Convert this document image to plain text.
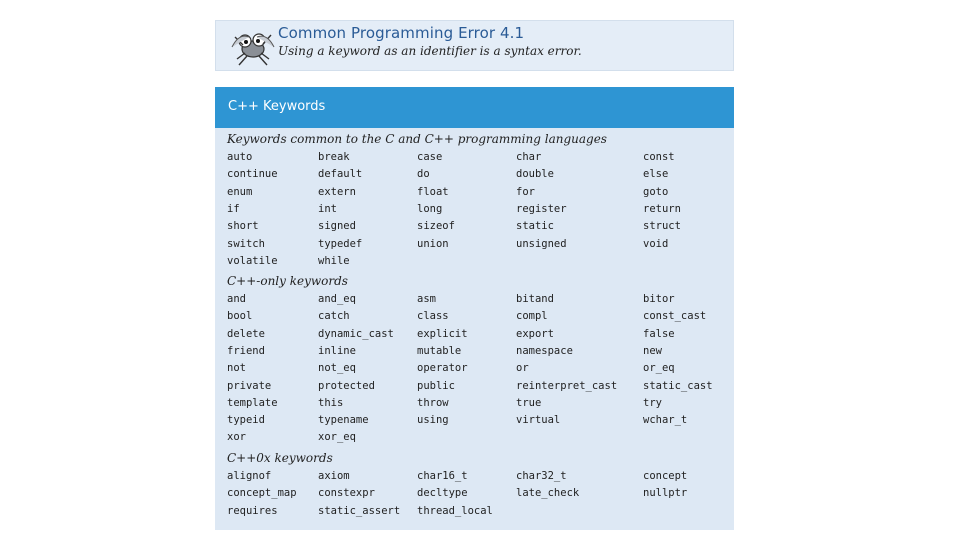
Common Programming Error 4.1
Using a keyword as an identifier is a syntax error.
C++ Keywords
Keywords common to the C and C++ programming languages
C++-only keywords
C++0x keywords
auto	break	case	char	const
continue	default	do	double	else
enum	extern	float	for	goto
if	int	long	register	return
short	signed	sizeof	static	struct
switch	typedef	union	unsigned	void
volatile	while
and	and_eq	asm	bitand	bitor
bool	catch	class	compl	const_cast
delete	dynamic_cast explicit	export	false
friend	inline	mutable	namespace	new
not	not_eq	operator	or	or_eq
private	protected	public	reinterpret_cast static_cast
template	this	throw	true	try
typeid	typename	using	virtual	wchar_t
xor	xor_eq
alignof	axiom	char16_t	char32_t	concept
concept_map constexpr	decltype	late_check	nullptr
requires	static_assert thread_local
